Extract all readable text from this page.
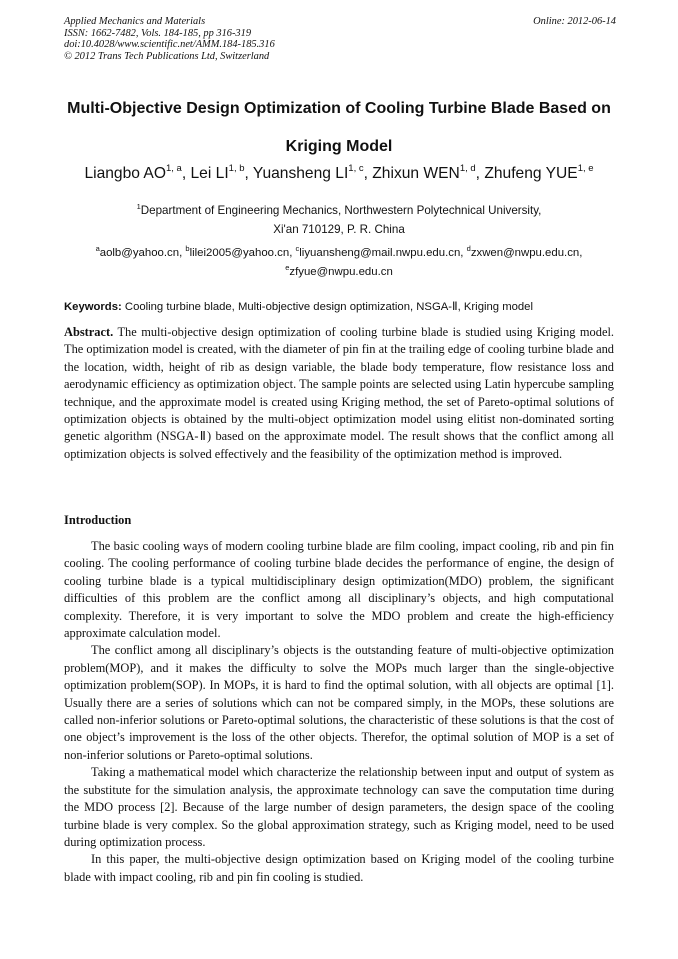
Applied Mechanics and Materials
ISSN: 1662-7482, Vols. 184-185, pp 316-319
doi:10.4028/www.scientific.net/AMM.184-185.316
© 2012 Trans Tech Publications Ltd, Switzerland
Online: 2012-06-14
Multi-Objective Design Optimization of Cooling Turbine Blade Based on
Kriging Model
Liangbo AO$^{1, a}$, Lei LI$^{1, b}$, Yuansheng LI$^{1, c}$, Zhixun WEN$^{1, d}$, Zhufeng YUE$^{1, e}$
$^1$Department of Engineering Mechanics, Northwestern Polytechnical University,
Xi'an 710129, P. R. China
$^a$aolb@yahoo.cn, $^b$lilei2005@yahoo.cn, $^c$liyuansheng@mail.nwpu.edu.cn, $^d$zxwen@nwpu.edu.cn,
$^e$zfyue@nwpu.edu.cn
Keywords: Cooling turbine blade, Multi-objective design optimization, NSGA-Ⅱ, Kriging model

Abstract. The multi-objective design optimization of cooling turbine blade is studied using Kriging model. The optimization model is created, with the diameter of pin fin at the trailing edge of cooling turbine blade and the location, width, height of rib as design variable, the blade body temperature, flow resistance loss and aerodynamic efficiency as optimization object. The sample points are selected using Latin hypercube sampling technique, and the approximate model is created using Kriging method, the set of Pareto-optimal solutions of optimization objects is obtained by the multi-object optimization model using elitist non-dominated sorting genetic algorithm (NSGA-Ⅱ) based on the approximate model. The result shows that the conflict among all optimization objects is solved effectively and the feasibility of the optimization method is improved.

Introduction

The basic cooling ways of modern cooling turbine blade are film cooling, impact cooling, rib and pin fin cooling. The cooling performance of cooling turbine blade decides the performance of engine, the design of cooling turbine blade is a typical multidisciplinary design optimization(MDO) problem, the significant difficulties of this problem are the conflict among all disciplinary’s objects, and high computational complexity. Therefore, it is very important to solve the MDO problem and create the high-efficiency approximate calculation model.

The conflict among all disciplinary’s objects is the outstanding feature of multi-objective optimization problem(MOP), and it makes the difficulty to solve the MOPs much larger than the single-objective optimization problem(SOP). In MOPs, it is hard to find the optimal solution, with all objects are optimal [1]. Usually there are a series of solutions which can not be compared simply, in the MOPs, these solutions are called non-inferior solutions or Pareto-optimal solutions, the characteristic of these solutions is that the cost of one object’s improvement is the loss of the other objects. Therefor, the optimal solution of MOP is a set of non-inferior solutions or Pareto-optimal solutions.

Taking a mathematical model which characterize the relationship between input and output of system as the substitute for the simulation analysis, the approximate technology can save the computation time during the MDO process [2]. Because of the large number of design parameters, the design space of the cooling turbine blade is very complex. So the global approximation strategy, such as Kriging model, need to be used during optimization process.

In this paper, the multi-objective design optimization based on Kriging model of the cooling turbine blade with impact cooling, rib and pin fin cooling is studied.
